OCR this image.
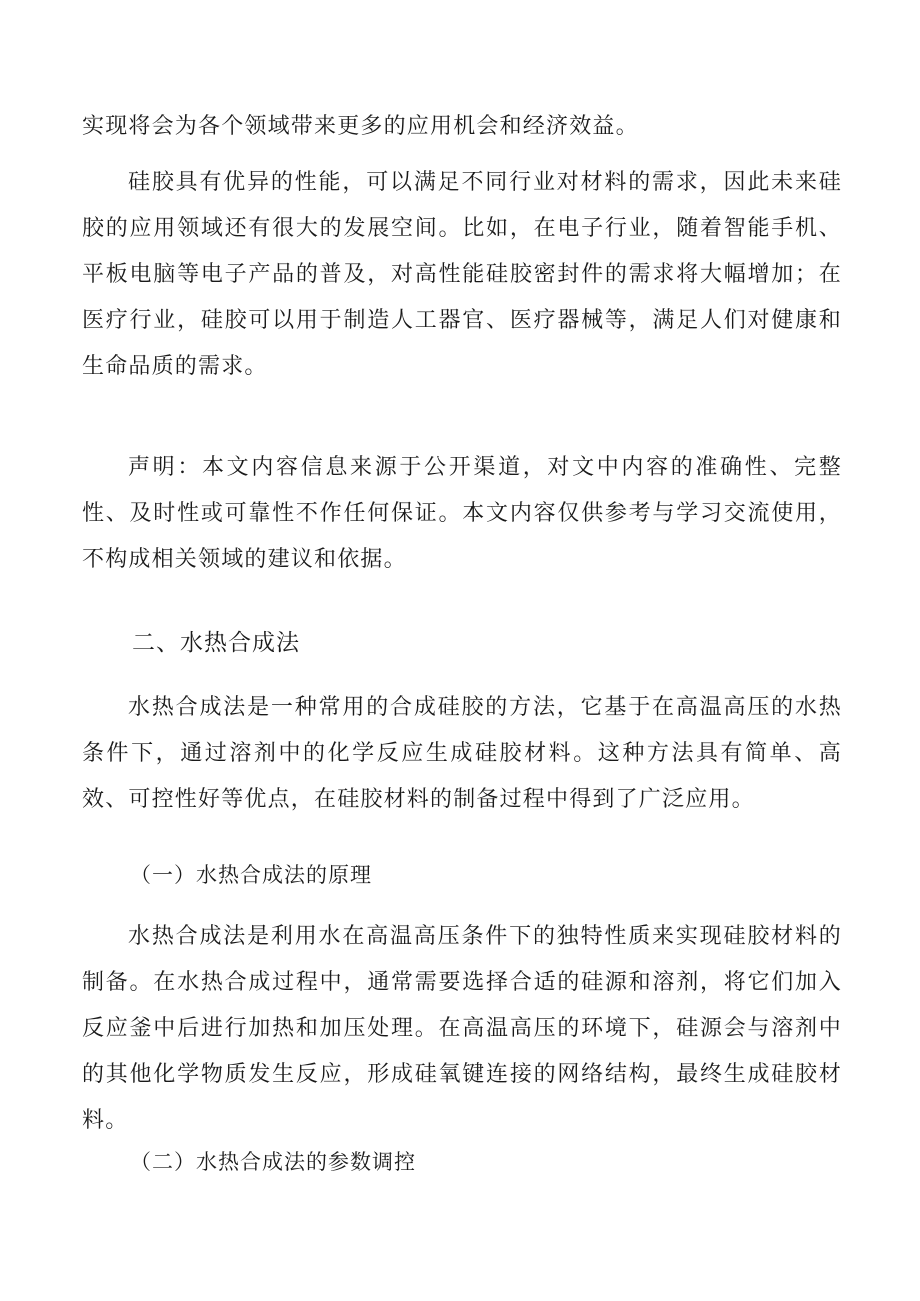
实现将会为各个领域带来更多的应用机会和经济效益。

硅胶具有优异的性能，可以满足不同行业对材料的需求，因此未来硅胶的应用领域还有很大的发展空间。比如，在电子行业，随着智能手机、平板电脑等电子产品的普及，对高性能硅胶密封件的需求将大幅增加；在医疗行业，硅胶可以用于制造人工器官、医疗器械等，满足人们对健康和生命品质的需求。

声明：本文内容信息来源于公开渠道，对文中内容的准确性、完整性、及时性或可靠性不作任何保证。本文内容仅供参考与学习交流使用，不构成相关领域的建议和依据。

二、水热合成法

水热合成法是一种常用的合成硅胶的方法，它基于在高温高压的水热条件下，通过溶剂中的化学反应生成硅胶材料。这种方法具有简单、高效、可控性好等优点，在硅胶材料的制备过程中得到了广泛应用。

（一）水热合成法的原理

水热合成法是利用水在高温高压条件下的独特性质来实现硅胶材料的制备。在水热合成过程中，通常需要选择合适的硅源和溶剂，将它们加入反应釜中后进行加热和加压处理。在高温高压的环境下，硅源会与溶剂中的其他化学物质发生反应，形成硅氧键连接的网络结构，最终生成硅胶材料。

（二）水热合成法的参数调控
